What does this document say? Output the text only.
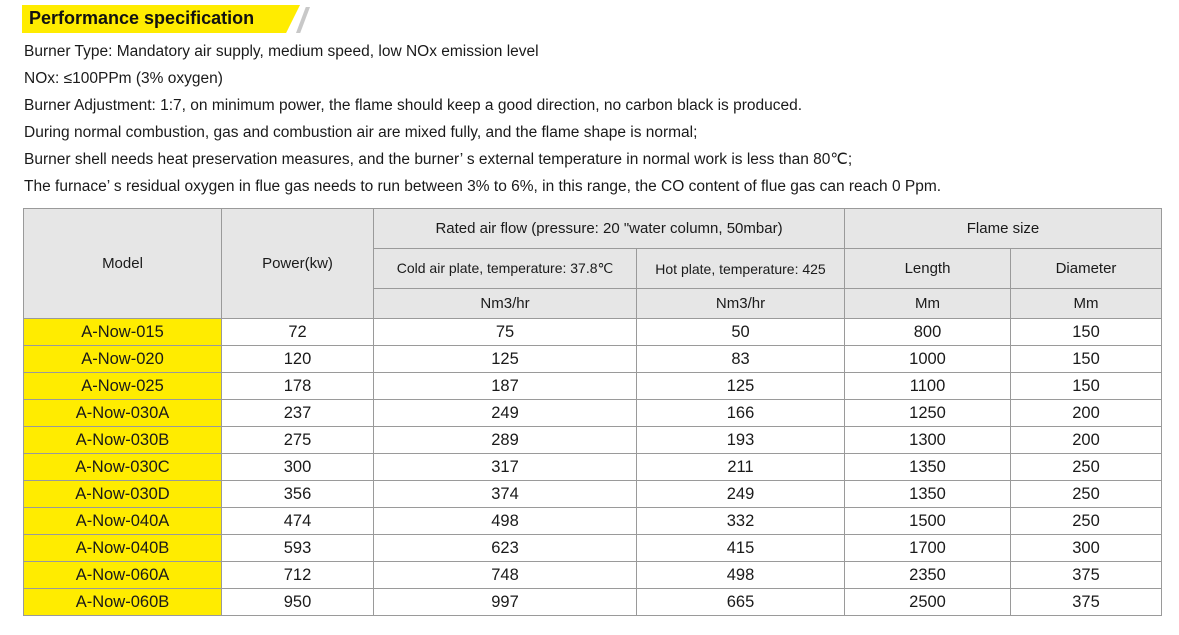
Performance specification
Burner Type: Mandatory air supply, medium speed, low NOx emission level
NOx: ≤100PPm (3% oxygen)
Burner Adjustment: 1:7, on minimum power, the flame should keep a good direction, no carbon black is produced.
During normal combustion, gas and combustion air are mixed fully, and the flame shape is normal;
Burner shell needs heat preservation measures, and the burner’ s external temperature in normal work is less than 80℃;
The furnace’ s residual oxygen in flue gas needs to run between 3% to 6%, in this range, the CO content of flue gas can reach 0 Ppm.
Model	Power(kw)	Rated air flow (pressure: 20 "water column, 50mbar)		Flame size	
		Cold air plate, temperature: 37.8℃	Hot plate, temperature: 425	Length	Diameter
		Nm3/hr	Nm3/hr	Mm	Mm
A-Now-015	72	75	50	800	150
A-Now-020	120	125	83	1000	150
A-Now-025	178	187	125	1100	150
A-Now-030A	237	249	166	1250	200
A-Now-030B	275	289	193	1300	200
A-Now-030C	300	317	211	1350	250
A-Now-030D	356	374	249	1350	250
A-Now-040A	474	498	332	1500	250
A-Now-040B	593	623	415	1700	300
A-Now-060A	712	748	498	2350	375
A-Now-060B	950	997	665	2500	375
